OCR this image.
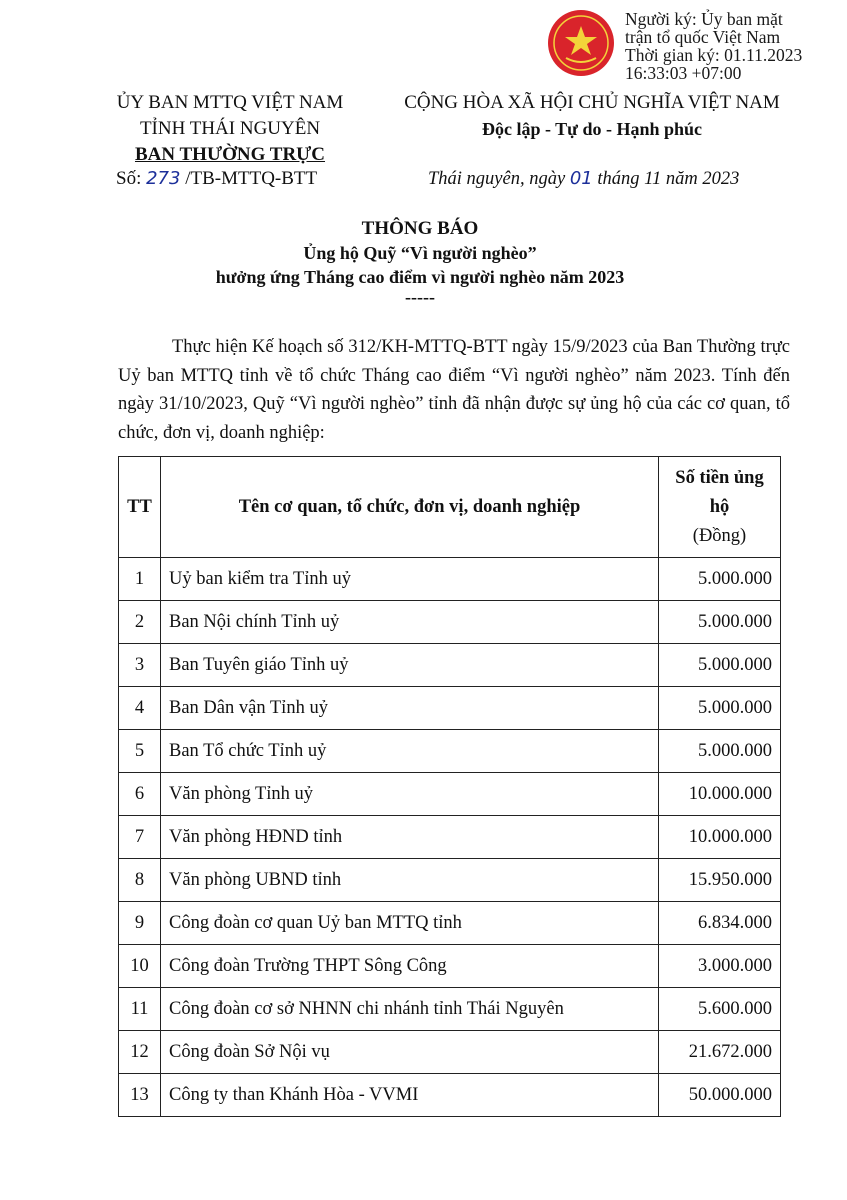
Người ký: Ủy ban mặt
trận tổ quốc Việt Nam
Thời gian ký: 01.11.2023
16:33:03 +07:00
ỦY BAN MTTQ VIỆT NAM
TỈNH THÁI NGUYÊN
BAN THƯỜNG TRỰC
Số: 273 /TB-MTTQ-BTT
CỘNG HÒA XÃ HỘI CHỦ NGHĨA VIỆT NAM
Độc lập - Tự do - Hạnh phúc
Thái nguyên, ngày 01 tháng 11 năm 2023
THÔNG BÁO
Ủng hộ Quỹ “Vì người nghèo”
hưởng ứng Tháng cao điểm vì người nghèo năm 2023
-----

Thực hiện Kế hoạch số 312/KH-MTTQ-BTT ngày 15/9/2023 của Ban Thường trực Uỷ ban MTTQ tỉnh về tổ chức Tháng cao điểm “Vì người nghèo” năm 2023. Tính đến ngày 31/10/2023, Quỹ “Vì người nghèo” tỉnh đã nhận được sự ủng hộ của các cơ quan, tổ chức, đơn vị, doanh nghiệp:

TT	Tên cơ quan, tổ chức, đơn vị, doanh nghiệp	Số tiền ủng hộ
(Đồng)

1	Uỷ ban kiểm tra Tỉnh uỷ	5.000.000
2	Ban Nội chính Tỉnh uỷ	5.000.000
3	Ban Tuyên giáo Tỉnh uỷ	5.000.000
4	Ban Dân vận Tỉnh uỷ	5.000.000
5	Ban Tổ chức Tỉnh uỷ	5.000.000
6	Văn phòng Tỉnh uỷ	10.000.000
7	Văn phòng HĐND tỉnh	10.000.000
8	Văn phòng UBND tỉnh	15.950.000
9	Công đoàn cơ quan Uỷ ban MTTQ tỉnh	6.834.000
10	Công đoàn Trường THPT Sông Công	3.000.000
11	Công đoàn cơ sở NHNN chi nhánh tỉnh Thái Nguyên	5.600.000
12	Công đoàn Sở Nội vụ	21.672.000
13	Công ty than Khánh Hòa - VVMI	50.000.000
